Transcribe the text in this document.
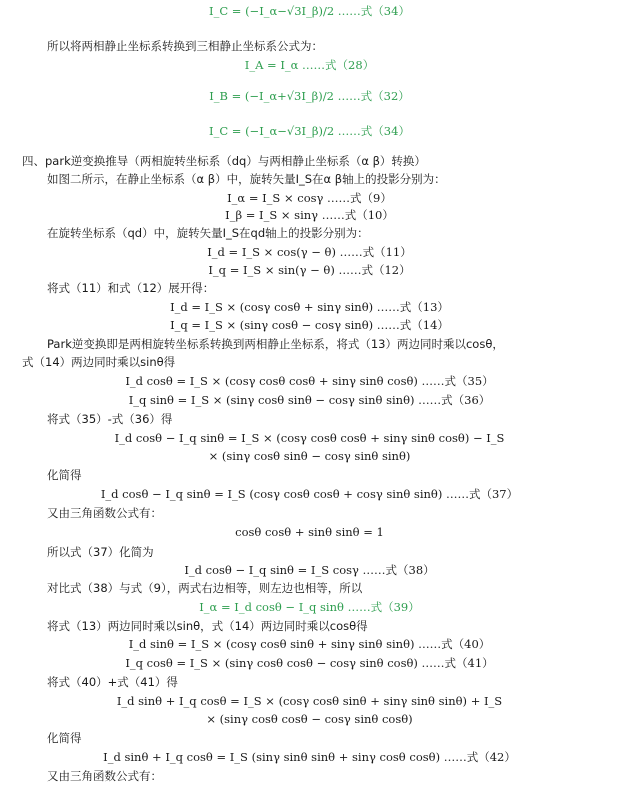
I_C = (−I_α−√3I_β)/2 ……式（34）
所以将两相静止坐标系转换到三相静止坐标系公式为：
I_A = I_α ……式（28）
I_B = (−I_α+√3I_β)/2 ……式（32）
I_C = (−I_α−√3I_β)/2 ……式（34）
四、park逆变换推导（两相旋转坐标系（dq）与两相静止坐标系（α β）转换）
如图二所示，在静止坐标系（α β）中，旋转矢量I_S在α β轴上的投影分别为：
I_α = I_S × cosγ ……式（9）
I_β = I_S × sinγ ……式（10）
在旋转坐标系（qd）中，旋转矢量I_S在qd轴上的投影分别为：
I_d = I_S × cos(γ − θ) ……式（11）
I_q = I_S × sin(γ − θ) ……式（12）
将式（11）和式（12）展开得：
I_d = I_S × (cosγ cosθ + sinγ sinθ) ……式（13）
I_q = I_S × (sinγ cosθ − cosγ sinθ) ……式（14）
Park逆变换即是两相旋转坐标系转换到两相静止坐标系，将式（13）两边同时乘以cosθ，
式（14）两边同时乘以sinθ得
I_d cosθ = I_S × (cosγ cosθ cosθ + sinγ sinθ cosθ) ……式（35）
I_q sinθ = I_S × (sinγ cosθ sinθ − cosγ sinθ sinθ) ……式（36）
将式（35）-式（36）得
I_d cosθ − I_q sinθ = I_S × (cosγ cosθ cosθ + sinγ sinθ cosθ) − I_S
× (sinγ cosθ sinθ − cosγ sinθ sinθ)
化简得
I_d cosθ − I_q sinθ = I_S (cosγ cosθ cosθ + cosγ sinθ sinθ) ……式（37）
又由三角函数公式有：
cosθ cosθ + sinθ sinθ = 1
所以式（37）化简为
I_d cosθ − I_q sinθ = I_S cosγ ……式（38）
对比式（38）与式（9），两式右边相等，则左边也相等，所以
I_α = I_d cosθ − I_q sinθ ……式（39）
将式（13）两边同时乘以sinθ，式（14）两边同时乘以cosθ得
I_d sinθ = I_S × (cosγ cosθ sinθ + sinγ sinθ sinθ) ……式（40）
I_q cosθ = I_S × (sinγ cosθ cosθ − cosγ sinθ cosθ) ……式（41）
将式（40）+式（41）得
I_d sinθ + I_q cosθ = I_S × (cosγ cosθ sinθ + sinγ sinθ sinθ) + I_S
× (sinγ cosθ cosθ − cosγ sinθ cosθ)
化简得
I_d sinθ + I_q cosθ = I_S (sinγ sinθ sinθ + sinγ cosθ cosθ) ……式（42）
又由三角函数公式有：
